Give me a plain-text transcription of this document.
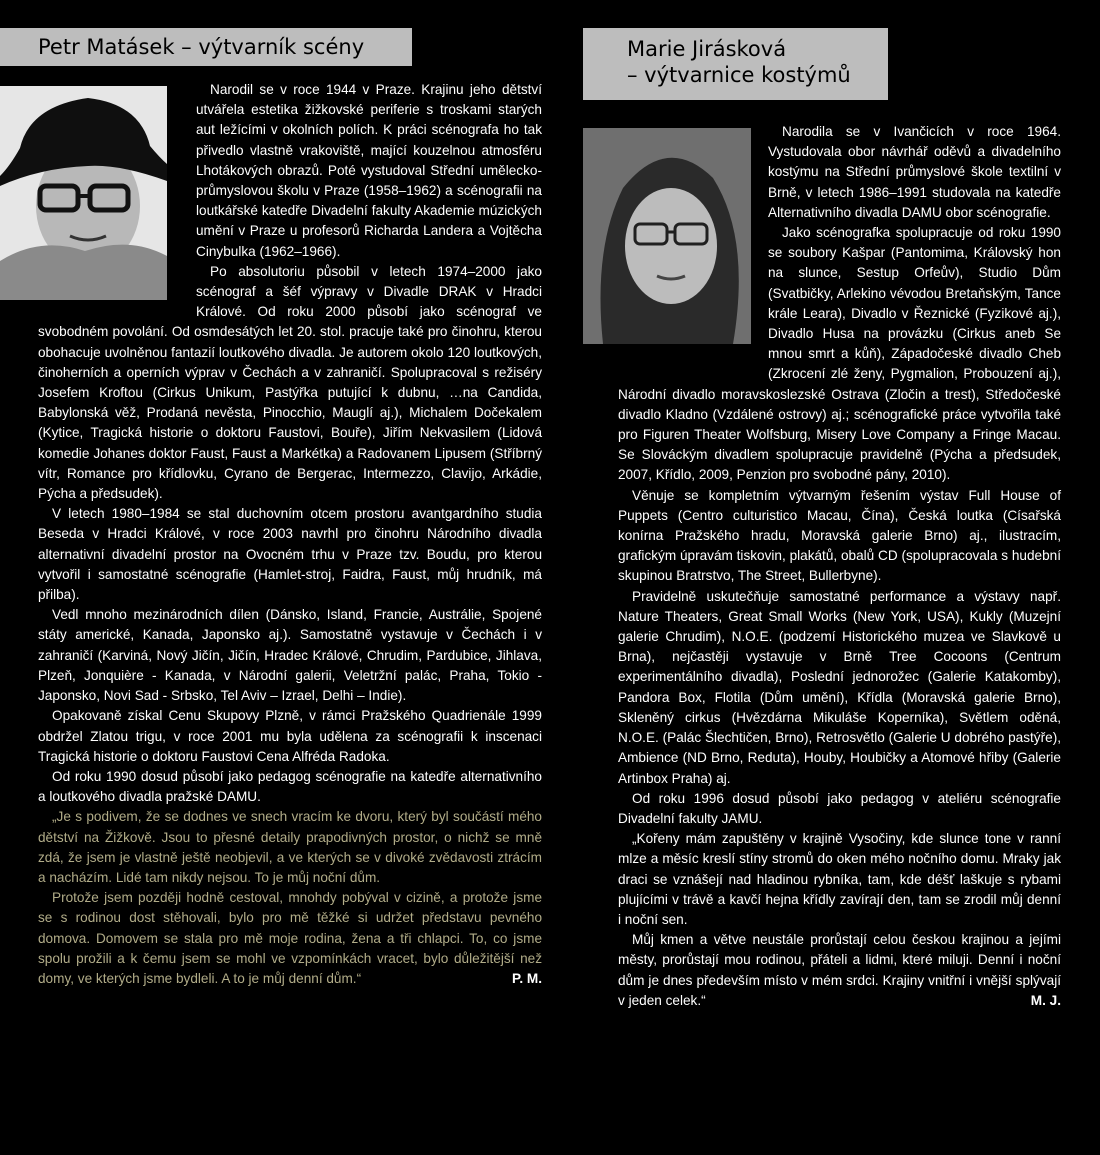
Petr Matásek – výtvarník scény

Narodil se v roce 1944 v Praze. Krajinu jeho dětství utvářela estetika žižkovské periferie s troskami starých aut ležícími v okolních polích. K práci scénografa ho tak přivedlo vlastně vrakoviště, mající kouzelnou atmosféru Lhotákových obrazů. Poté vystudoval Střední umělecko-průmyslovou školu v Praze (1958–1962) a scénografii na loutkářské katedře Divadelní fakulty Akademie múzických umění v Praze u profesorů Richarda Landera a Vojtěcha Cinybulka (1962–1966).

Po absolutoriu působil v letech 1974–2000 jako scénograf a šéf výpravy v Divadle DRAK v Hradci Králové. Od roku 2000 působí jako scénograf ve svobodném povolání. Od osmdesátých let 20. stol. pracuje také pro činohru, kterou obohacuje uvolněnou fantazií loutkového divadla. Je autorem okolo 120 loutkových, činoherních a operních výprav v Čechách a v zahraničí. Spolupracoval s režiséry Josefem Kroftou (Cirkus Unikum, Pastýřka putující k dubnu, …na Candida, Babylonská věž, Prodaná nevěsta, Pinocchio, Mauglí aj.), Michalem Dočekalem (Kytice, Tragická historie o doktoru Faustovi, Bouře), Jiřím Nekvasilem (Lidová komedie Johanes doktor Faust, Faust a Markétka) a Radovanem Lipusem (Stříbrný vítr, Romance pro křídlovku, Cyrano de Bergerac, Intermezzo, Clavijo, Arkádie, Pýcha a předsudek).

V letech 1980–1984 se stal duchovním otcem prostoru avantgardního studia Beseda v Hradci Králové, v roce 2003 navrhl pro činohru Národního divadla alternativní divadelní prostor na Ovocném trhu v Praze tzv. Boudu, pro kterou vytvořil i samostatné scénografie (Hamlet-stroj, Faidra, Faust, můj hrudník, má přilba).

Vedl mnoho mezinárodních dílen (Dánsko, Island, Francie, Austrálie, Spojené státy americké, Kanada, Japonsko aj.). Samostatně vystavuje v Čechách i v zahraničí (Karviná, Nový Jičín, Jičín, Hradec Králové, Chrudim, Pardubice, Jihlava, Plzeň, Jonquière - Kanada, v Národní galerii, Veletržní palác, Praha, Tokio - Japonsko, Novi Sad - Srbsko, Tel Aviv – Izrael, Delhi – Indie).

Opakovaně získal Cenu Skupovy Plzně, v rámci Pražského Quadrienále 1999 obdržel Zlatou trigu, v roce 2001 mu byla udělena za scénografii k inscenaci Tragická historie o doktoru Faustovi Cena Alfréda Radoka.

Od roku 1990 dosud působí jako pedagog scénografie na katedře alternativního a loutkového divadla pražské DAMU.

„Je s podivem, že se dodnes ve snech vracím ke dvoru, který byl součástí mého dětství na Žižkově. Jsou to přesné detaily prapodivných prostor, o nichž se mně zdá, že jsem je vlastně ještě neobjevil, a ve kterých se v divoké zvědavosti ztrácím a nacházím. Lidé tam nikdy nejsou. To je můj noční dům.

Protože jsem později hodně cestoval, mnohdy pobýval v cizině, a protože jsme se s rodinou dost stěhovali, bylo pro mě těžké si udržet představu pevného domova. Domovem se stala pro mě moje rodina, žena a tři chlapci. To, co jsme spolu prožili a k čemu jsem se mohl ve vzpomínkách vracet, bylo důležitější než domy, ve kterých jsme bydleli. A to je můj denní dům.“	P. M.

Marie Jirásková
– výtvarnice kostýmů

Narodila se v Ivančicích v roce 1964. Vystudovala obor návrhář oděvů a divadelního kostýmu na Střední průmyslové škole textilní v Brně, v letech 1986–1991 studovala na katedře Alternativního divadla DAMU obor scénografie.

Jako scénografka spolupracuje od roku 1990 se soubory Kašpar (Pantomima, Královský hon na slunce, Sestup Orfeův), Studio Dům (Svatbičky, Arlekino vévodou Bretaňským, Tance krále Leara), Divadlo v Řeznické (Fyzikové aj.), Divadlo Husa na provázku (Cirkus aneb Se mnou smrt a kůň), Západočeské divadlo Cheb (Zkrocení zlé ženy, Pygmalion, Probouzení aj.), Národní divadlo moravskoslezské Ostrava (Zločin a trest), Středočeské divadlo Kladno (Vzdálené ostrovy) aj.; scénografické práce vytvořila také pro Figuren Theater Wolfsburg, Misery Love Company a Fringe Macau. Se Slováckým divadlem spolupracuje pravidelně (Pýcha a předsudek, 2007, Křídlo, 2009, Penzion pro svobodné pány, 2010).

Věnuje se kompletním výtvarným řešením výstav Full House of Puppets (Centro culturistico Macau, Čína), Česká loutka (Císařská konírna Pražského hradu, Moravská galerie Brno) aj., ilustracím, grafickým úpravám tiskovin, plakátů, obalů CD (spolupracovala s hudební skupinou Bratrstvo, The Street, Bullerbyne).

Pravidelně uskutečňuje samostatné performance a výstavy např. Nature Theaters, Great Small Works (New York, USA), Kukly (Muzejní galerie Chrudim), N.O.E. (podzemí Historického muzea ve Slavkově u Brna), nejčastěji vystavuje v Brně Tree Cocoons (Centrum experimentálního divadla), Poslední jednorožec (Galerie Katakomby), Pandora Box, Flotila (Dům umění), Křídla (Moravská galerie Brno), Skleněný cirkus (Hvězdárna Mikuláše Koperníka), Světlem oděná, N.O.E. (Palác Šlechtičen, Brno), Retrosvětlo (Galerie U dobrého pastýře), Ambience (ND Brno, Reduta), Houby, Houbičky a Atomové hřiby (Galerie Artinbox Praha) aj.

Od roku 1996 dosud působí jako pedagog v ateliéru scénografie Divadelní fakulty JAMU.

„Kořeny mám zapuštěny v krajině Vysočiny, kde slunce tone v ranní mlze a měsíc kreslí stíny stromů do oken mého nočního domu. Mraky jak draci se vznášejí nad hladinou rybníka, tam, kde déšť laškuje s rybami plujícími v trávě a kavčí hejna křídly zavírají den, tam se zrodil můj denní i noční sen.

Můj kmen a větve neustále prorůstají celou českou krajinou a jejími městy, prorůstají mou rodinou, přáteli a lidmi, které miluji. Denní i noční dům je dnes především místo v mém srdci. Krajiny vnitřní i vnější splývají v jeden celek.“	M. J.
